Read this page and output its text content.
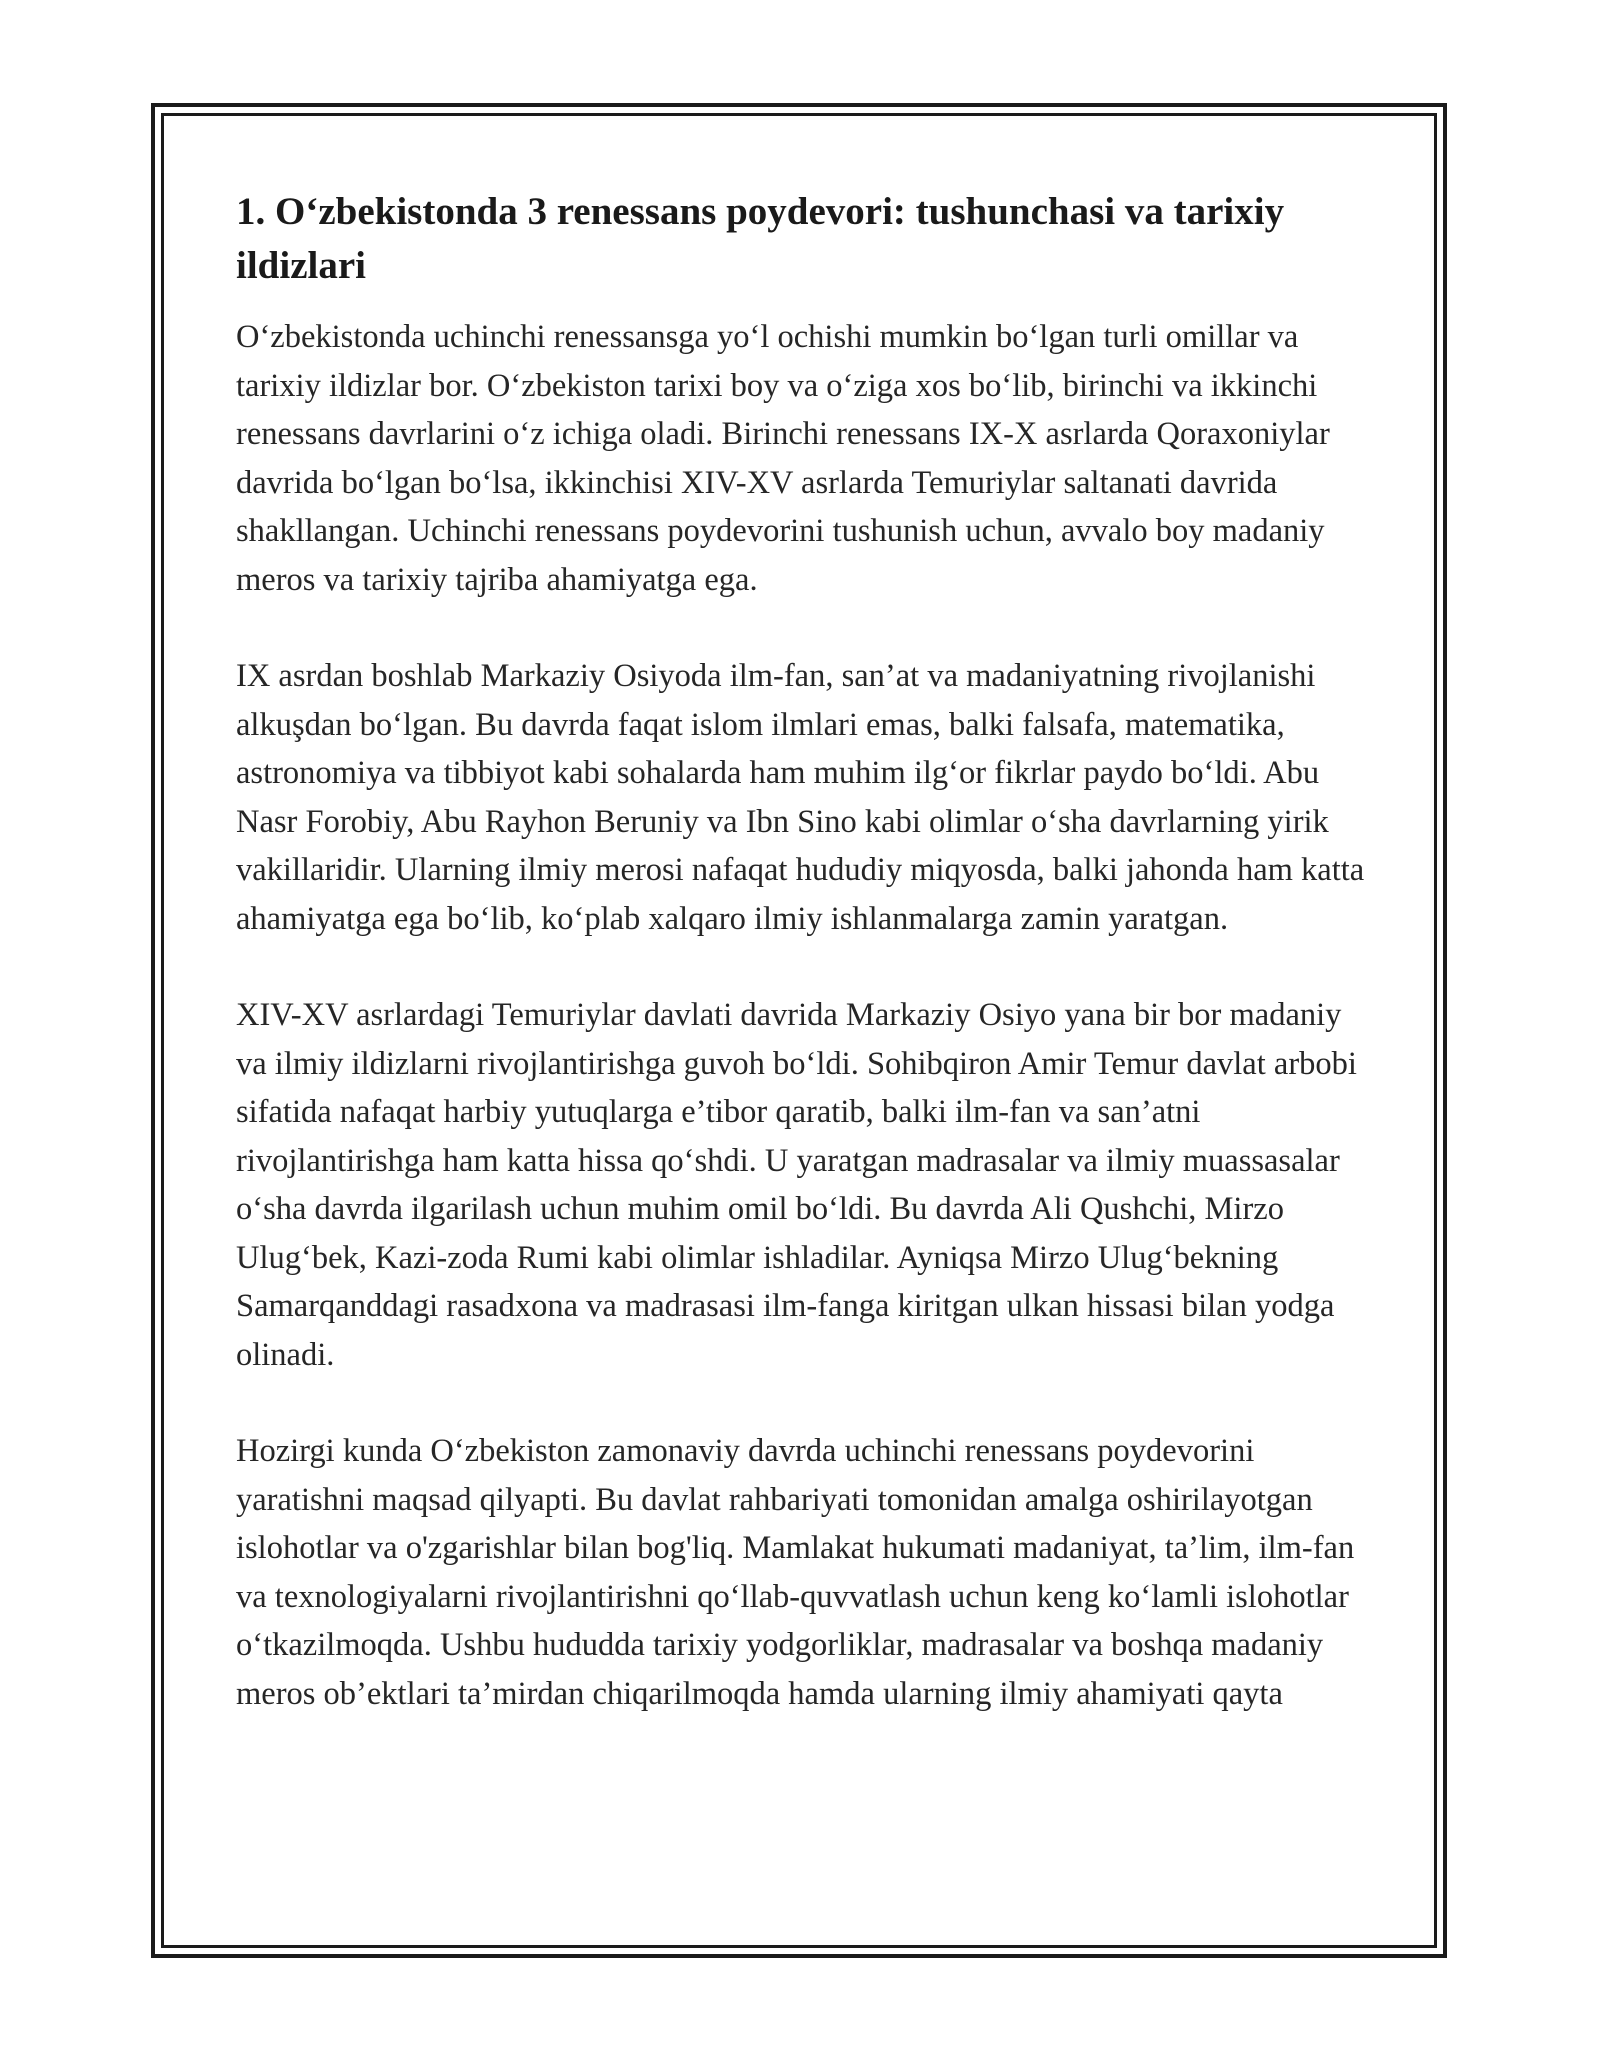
1. O‘zbekistonda 3 renessans poydevori: tushunchasi va tarixiy ildizlari

O‘zbekistonda uchinchi renessansga yo‘l ochishi mumkin bo‘lgan turli omillar va tarixiy ildizlar bor. O‘zbekiston tarixi boy va o‘ziga xos bo‘lib, birinchi va ikkinchi renessans davrlarini o‘z ichiga oladi. Birinchi renessans IX-X asrlarda Qoraxoniylar davrida bo‘lgan bo‘lsa, ikkinchisi XIV-XV asrlarda Temuriylar saltanati davrida shakllangan. Uchinchi renessans poydevorini tushunish uchun, avvalo boy madaniy meros va tarixiy tajriba ahamiyatga ega.

IX asrdan boshlab Markaziy Osiyoda ilm-fan, san’at va madaniyatning rivojlanishi alkuşdan bo‘lgan. Bu davrda faqat islom ilmlari emas, balki falsafa, matematika, astronomiya va tibbiyot kabi sohalarda ham muhim ilg‘or fikrlar paydo bo‘ldi. Abu Nasr Forobiy, Abu Rayhon Beruniy va Ibn Sino kabi olimlar o‘sha davrlarning yirik vakillaridir. Ularning ilmiy merosi nafaqat hududiy miqyosda, balki jahonda ham katta ahamiyatga ega bo‘lib, ko‘plab xalqaro ilmiy ishlanmalarga zamin yaratgan.

XIV-XV asrlardagi Temuriylar davlati davrida Markaziy Osiyo yana bir bor madaniy va ilmiy ildizlarni rivojlantirishga guvoh bo‘ldi. Sohibqiron Amir Temur davlat arbobi sifatida nafaqat harbiy yutuqlarga e’tibor qaratib, balki ilm-fan va san’atni rivojlantirishga ham katta hissa qo‘shdi. U yaratgan madrasalar va ilmiy muassasalar o‘sha davrda ilgarilash uchun muhim omil bo‘ldi. Bu davrda Ali Qushchi, Mirzo Ulug‘bek, Kazi-zoda Rumi kabi olimlar ishladilar. Ayniqsa Mirzo Ulug‘bekning Samarqanddagi rasadxona va madrasasi ilm-fanga kiritgan ulkan hissasi bilan yodga olinadi.

Hozirgi kunda O‘zbekiston zamonaviy davrda uchinchi renessans poydevorini yaratishni maqsad qilyapti. Bu davlat rahbariyati tomonidan amalga oshirilayotgan islohotlar va o'zgarishlar bilan bog'liq. Mamlakat hukumati madaniyat, ta’lim, ilm-fan va texnologiyalarni rivojlantirishni qo‘llab-quvvatlash uchun keng ko‘lamli islohotlar o‘tkazilmoqda. Ushbu hududda tarixiy yodgorliklar, madrasalar va boshqa madaniy meros ob’ektlari ta’mirdan chiqarilmoqda hamda ularning ilmiy ahamiyati qayta
